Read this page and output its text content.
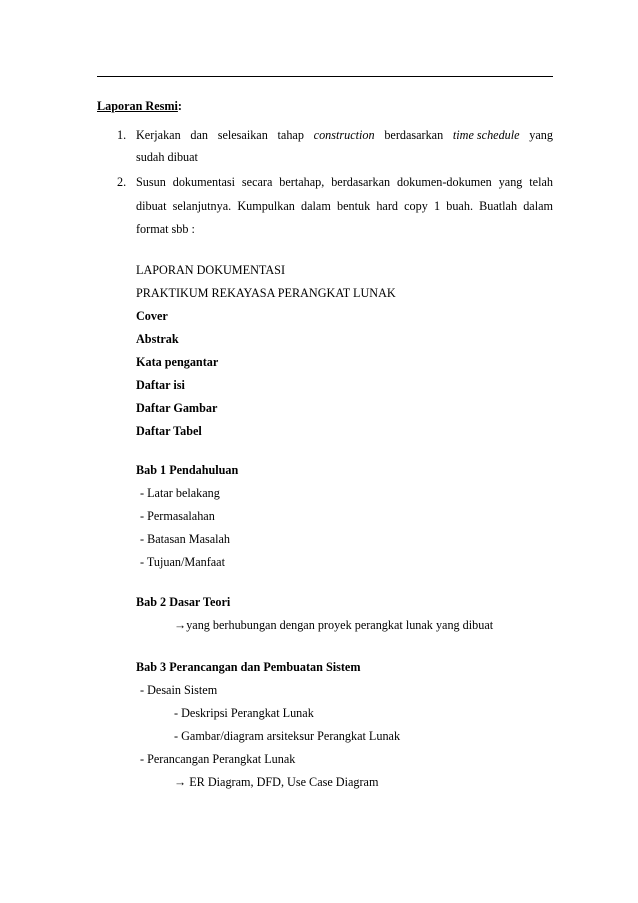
Laporan Resmi:
1. Kerjakan dan selesaikan tahap construction berdasarkan time schedule yang
sudah dibuat
2. Susun dokumentasi secara bertahap, berdasarkan dokumen-dokumen yang telah
dibuat selanjutnya. Kumpulkan dalam bentuk hard copy 1 buah. Buatlah dalam
format sbb :
LAPORAN DOKUMENTASI
PRAKTIKUM REKAYASA PERANGKAT LUNAK
Cover
Abstrak
Kata pengantar
Daftar isi
Daftar Gambar
Daftar Tabel
Bab 1 Pendahuluan
- Latar belakang
- Permasalahan
- Batasan Masalah
- Tujuan/Manfaat
Bab 2 Dasar Teori
→yang berhubungan dengan proyek perangkat lunak yang dibuat
Bab 3 Perancangan dan Pembuatan Sistem
- Desain Sistem
- Deskripsi Perangkat Lunak
- Gambar/diagram arsiteksur Perangkat Lunak
- Perancangan Perangkat Lunak
→ ER Diagram, DFD, Use Case Diagram
